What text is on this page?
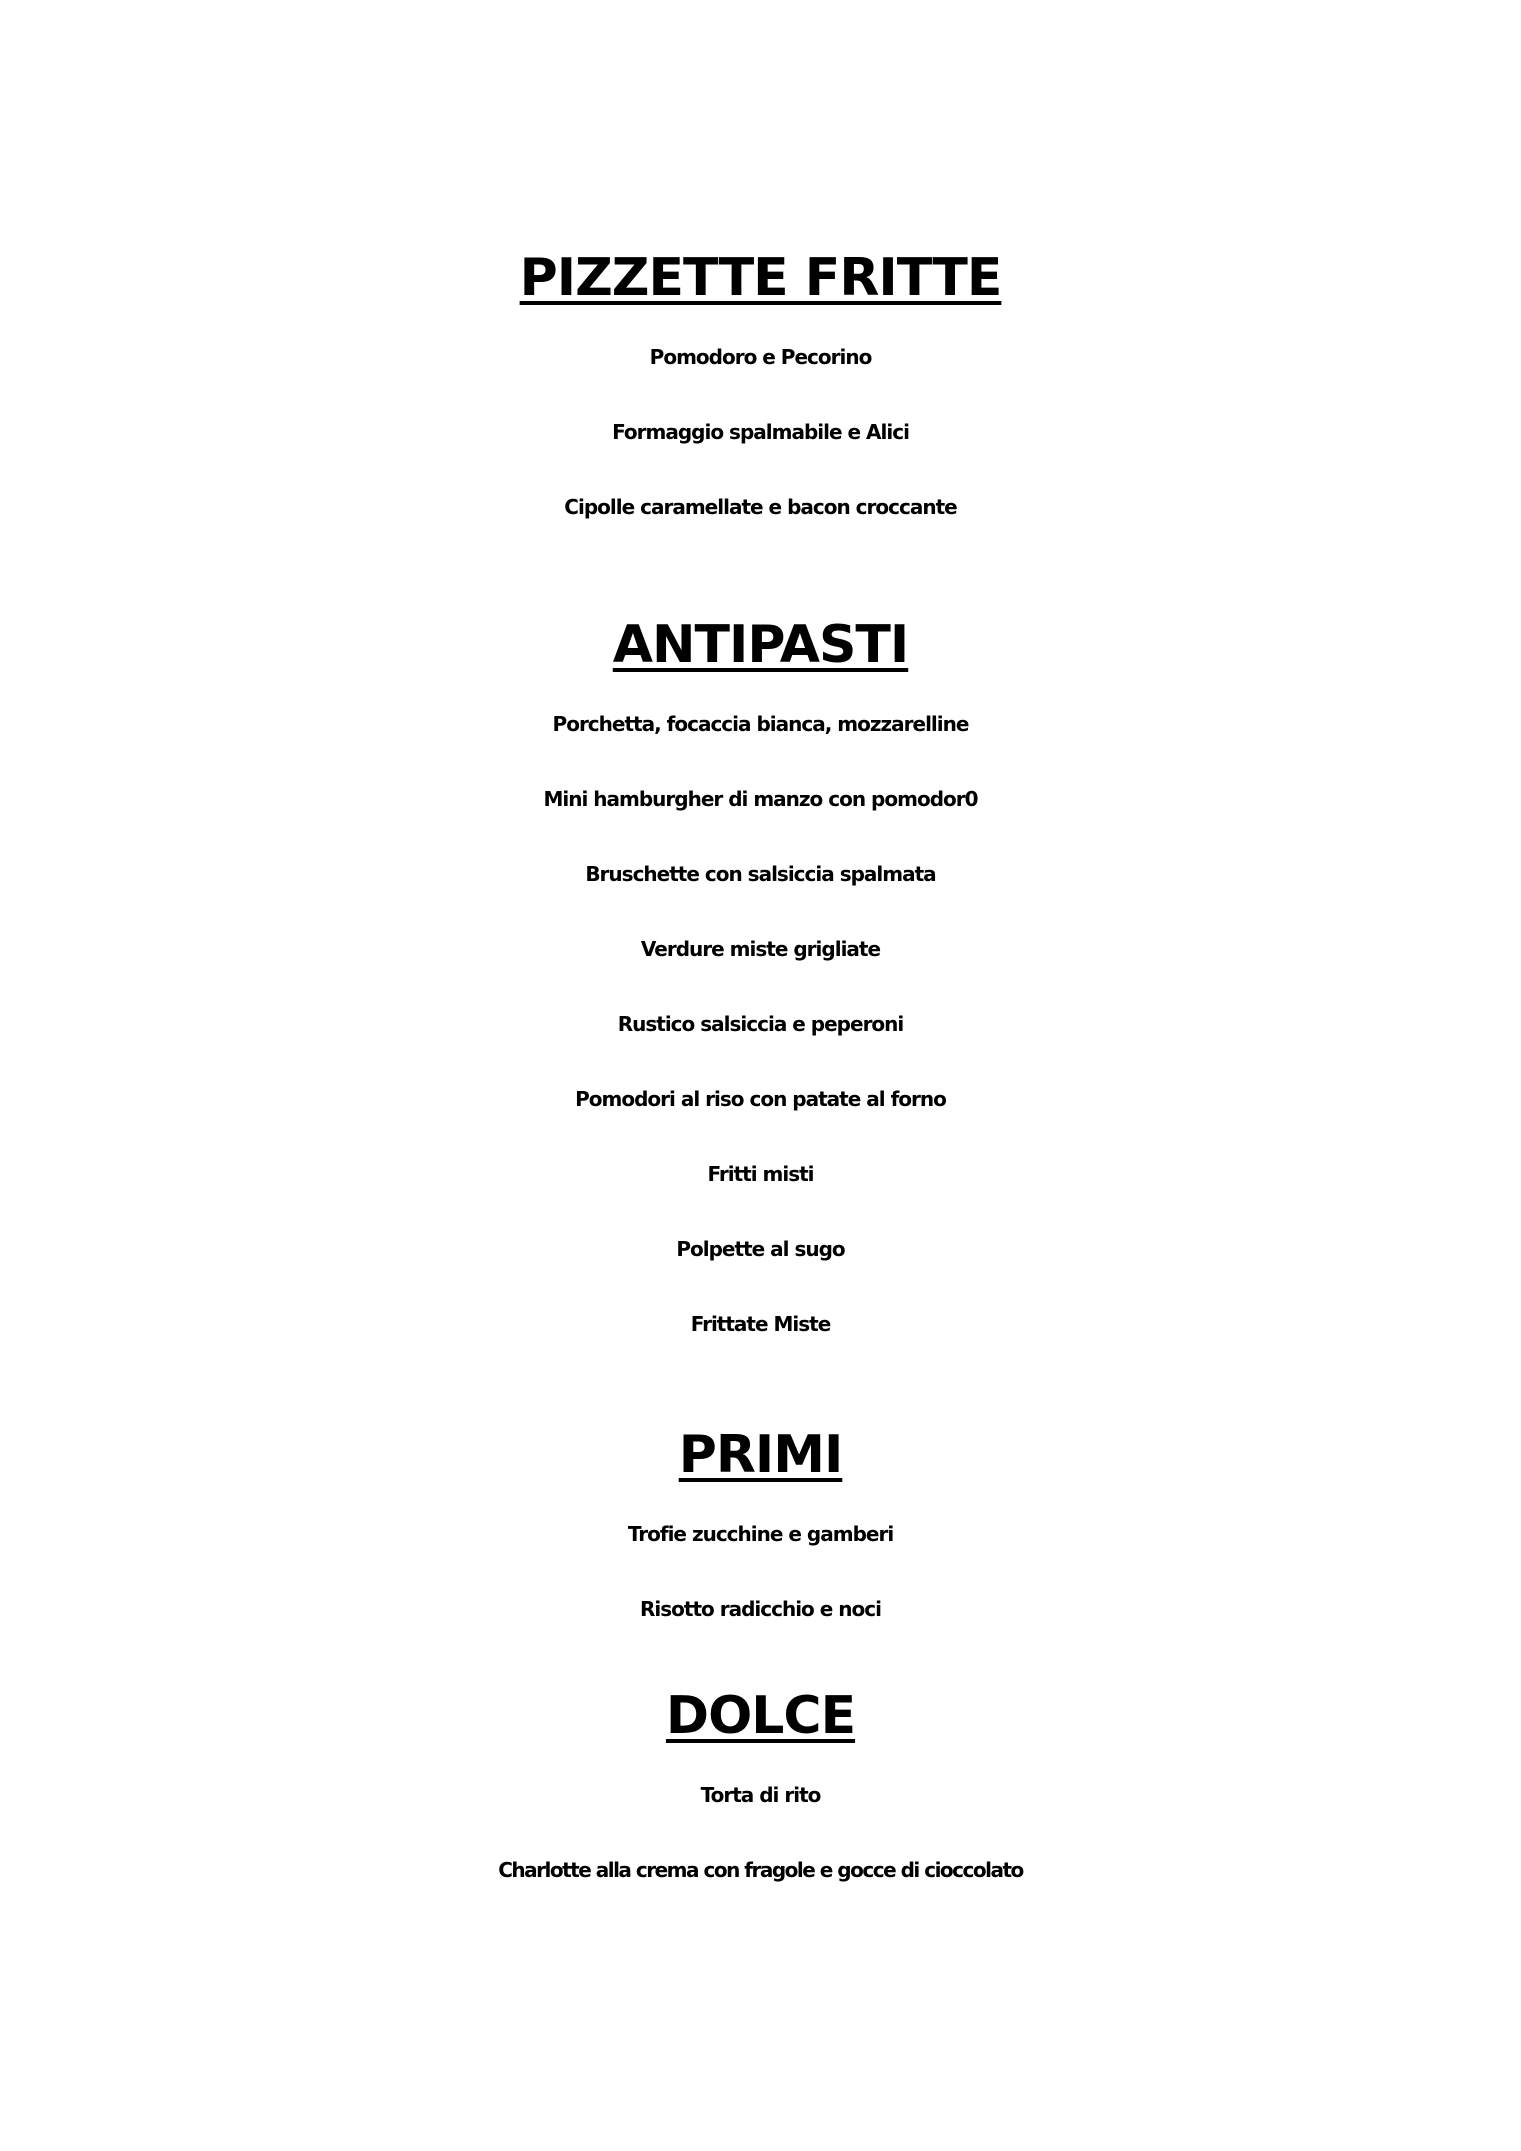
PIZZETTE FRITTE

Pomodoro e Pecorino

Formaggio spalmabile e Alici

Cipolle caramellate e bacon croccante

ANTIPASTI

Porchetta, focaccia bianca, mozzarelline

Mini hamburgher di manzo con pomodor0

Bruschette con salsiccia spalmata

Verdure miste grigliate

Rustico salsiccia e peperoni

Pomodori al riso con patate al forno

Fritti misti

Polpette al sugo

Frittate Miste

PRIMI

Trofie zucchine e gamberi

Risotto radicchio e noci

DOLCE

Torta di rito

Charlotte alla crema con fragole e gocce di cioccolato
